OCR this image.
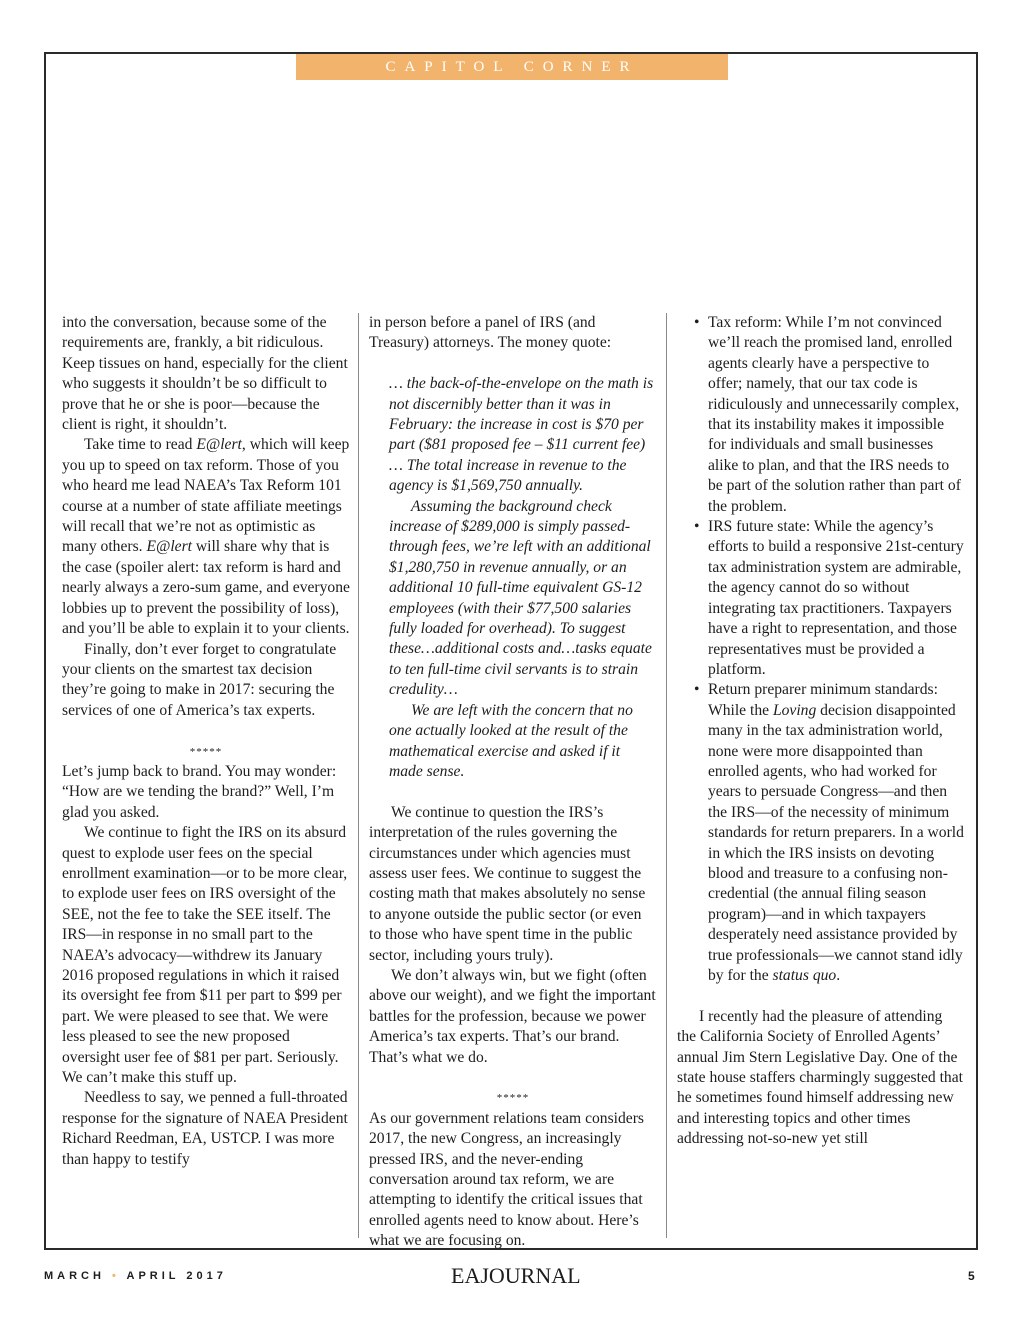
CAPITOL CORNER

into the conversation, because some of the requirements are, frankly, a bit ridiculous. Keep tissues on hand, especially for the client who suggests it shouldn’t be so difficult to prove that he or she is poor—because the client is right, it shouldn’t.

Take time to read E@lert, which will keep you up to speed on tax reform. Those of you who heard me lead NAEA’s Tax Reform 101 course at a number of state affiliate meetings will recall that we’re not as optimistic as many others. E@lert will share why that is the case (spoiler alert: tax reform is hard and nearly always a zero-sum game, and everyone lobbies up to prevent the possibility of loss), and you’ll be able to explain it to your clients.

Finally, don’t ever forget to congratulate your clients on the smartest tax decision they’re going to make in 2017: securing the services of one of America’s tax experts.

*****

Let’s jump back to brand. You may wonder: “How are we tending the brand?” Well, I’m glad you asked.

We continue to fight the IRS on its absurd quest to explode user fees on the special enrollment examination—or to be more clear, to explode user fees on IRS oversight of the SEE, not the fee to take the SEE itself. The IRS—in response in no small part to the NAEA’s advocacy—withdrew its January 2016 proposed regulations in which it raised its oversight fee from $11 per part to $99 per part. We were pleased to see that. We were less pleased to see the new proposed oversight user fee of $81 per part. Seriously. We can’t make this stuff up.

Needless to say, we penned a full-throated response for the signature of NAEA President Richard Reedman, EA, USTCP. I was more than happy to testify

in person before a panel of IRS (and Treasury) attorneys. The money quote:

… the back-of-the-envelope on the math is not discernibly better than it was in February: the increase in cost is $70 per part ($81 proposed fee – $11 current fee) … The total increase in revenue to the agency is $1,569,750 annually.

Assuming the background check increase of $289,000 is simply passed-through fees, we’re left with an additional $1,280,750 in revenue annually, or an additional 10 full-time equivalent GS-12 employees (with their $77,500 salaries fully loaded for overhead). To suggest these…additional costs and…tasks equate to ten full-time civil servants is to strain credulity…

We are left with the concern that no one actually looked at the result of the mathematical exercise and asked if it made sense.

We continue to question the IRS’s interpretation of the rules governing the circumstances under which agencies must assess user fees. We continue to suggest the costing math that makes absolutely no sense to anyone outside the public sector (or even to those who have spent time in the public sector, including yours truly).

We don’t always win, but we fight (often above our weight), and we fight the important battles for the profession, because we power America’s tax experts. That’s our brand. That’s what we do.

*****

As our government relations team considers 2017, the new Congress, an increasingly pressed IRS, and the never-ending conversation around tax reform, we are attempting to identify the critical issues that enrolled agents need to know about. Here’s what we are focusing on.

• Tax reform: While I’m not convinced we’ll reach the promised land, enrolled agents clearly have a perspective to offer; namely, that our tax code is ridiculously and unnecessarily complex, that its instability makes it impossible for individuals and small businesses alike to plan, and that the IRS needs to be part of the solution rather than part of the problem.
• IRS future state: While the agency’s efforts to build a responsive 21st-century tax administration system are admirable, the agency cannot do so without integrating tax practitioners. Taxpayers have a right to representation, and those representatives must be provided a platform.
• Return preparer minimum standards: While the Loving decision disappointed many in the tax administration world, none were more disappointed than enrolled agents, who had worked for years to persuade Congress—and then the IRS—of the necessity of minimum standards for return preparers. In a world in which the IRS insists on devoting blood and treasure to a confusing non-credential (the annual filing season program)—and in which taxpayers desperately need assistance provided by true professionals—we cannot stand idly by for the status quo.

I recently had the pleasure of attending the California Society of Enrolled Agents’ annual Jim Stern Legislative Day. One of the state house staffers charmingly suggested that he sometimes found himself addressing new and interesting topics and other times addressing not-so-new yet still

MARCH • APRIL 2017	EAJOURNAL	5
